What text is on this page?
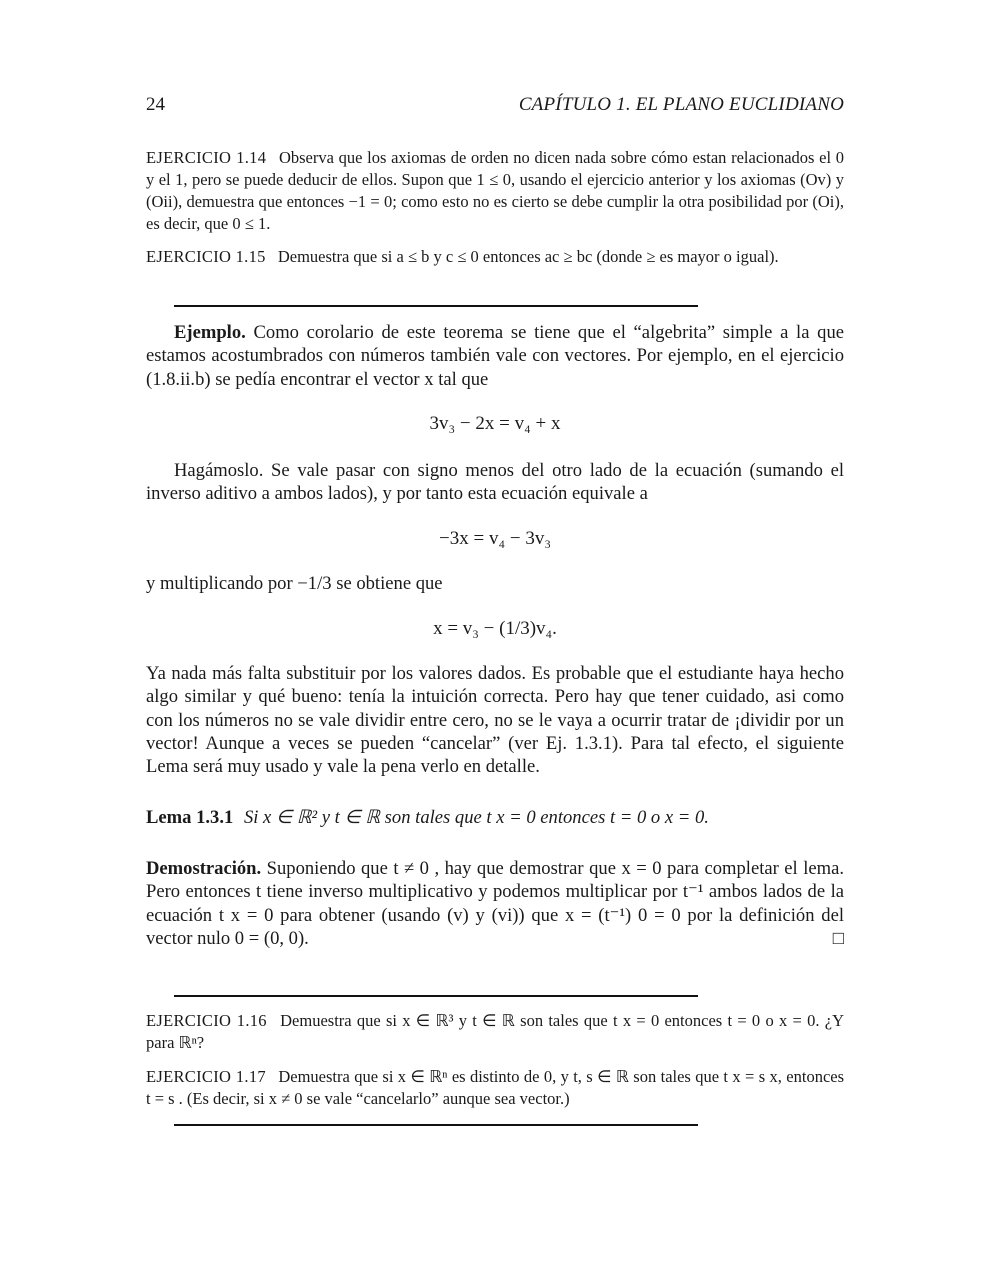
24	CAPÍTULO 1. EL PLANO EUCLIDIANO
EJERCICIO 1.14 Observa que los axiomas de orden no dicen nada sobre cómo estan relacionados el 0 y el 1, pero se puede deducir de ellos. Supon que 1 ≤ 0, usando el ejercicio anterior y los axiomas (Ov) y (Oii), demuestra que entonces −1 = 0; como esto no es cierto se debe cumplir la otra posibilidad por (Oi), es decir, que 0 ≤ 1.
EJERCICIO 1.15 Demuestra que si a ≤ b y c ≤ 0 entonces ac ≥ bc (donde ≥ es mayor o igual).
Ejemplo. Como corolario de este teorema se tiene que el “algebrita” simple a la que estamos acostumbrados con números también vale con vectores. Por ejemplo, en el ejercicio (1.8.ii.b) se pedía encontrar el vector x tal que
3v₃ − 2x = v₄ + x
Hagámoslo. Se vale pasar con signo menos del otro lado de la ecuación (sumando el inverso aditivo a ambos lados), y por tanto esta ecuación equivale a
−3x = v₄ − 3v₃
y multiplicando por −1/3 se obtiene que
x = v₃ − (1/3)v₄.
Ya nada más falta substituir por los valores dados. Es probable que el estudiante haya hecho algo similar y qué bueno: tenía la intuición correcta. Pero hay que tener cuidado, asi como con los números no se vale dividir entre cero, no se le vaya a ocurrir tratar de ¡dividir por un vector! Aunque a veces se pueden “cancelar” (ver Ej. 1.3.1). Para tal efecto, el siguiente Lema será muy usado y vale la pena verlo en detalle.
Lema 1.3.1 Si x ∈ ℝ² y t ∈ ℝ son tales que t x = 0 entonces t = 0 o x = 0.
Demostración. Suponiendo que t ≠ 0 , hay que demostrar que x = 0 para completar el lema. Pero entonces t tiene inverso multiplicativo y podemos multiplicar por t⁻¹ ambos lados de la ecuación t x = 0 para obtener (usando (v) y (vi)) que x = (t⁻¹) 0 = 0 por la definición del vector nulo 0 = (0, 0).	□
EJERCICIO 1.16 Demuestra que si x ∈ ℝ³ y t ∈ ℝ son tales que t x = 0 entonces t = 0 o x = 0. ¿Y para ℝⁿ?
EJERCICIO 1.17 Demuestra que si x ∈ ℝⁿ es distinto de 0, y t, s ∈ ℝ son tales que t x = s x, entonces t = s . (Es decir, si x ≠ 0 se vale “cancelarlo” aunque sea vector.)
